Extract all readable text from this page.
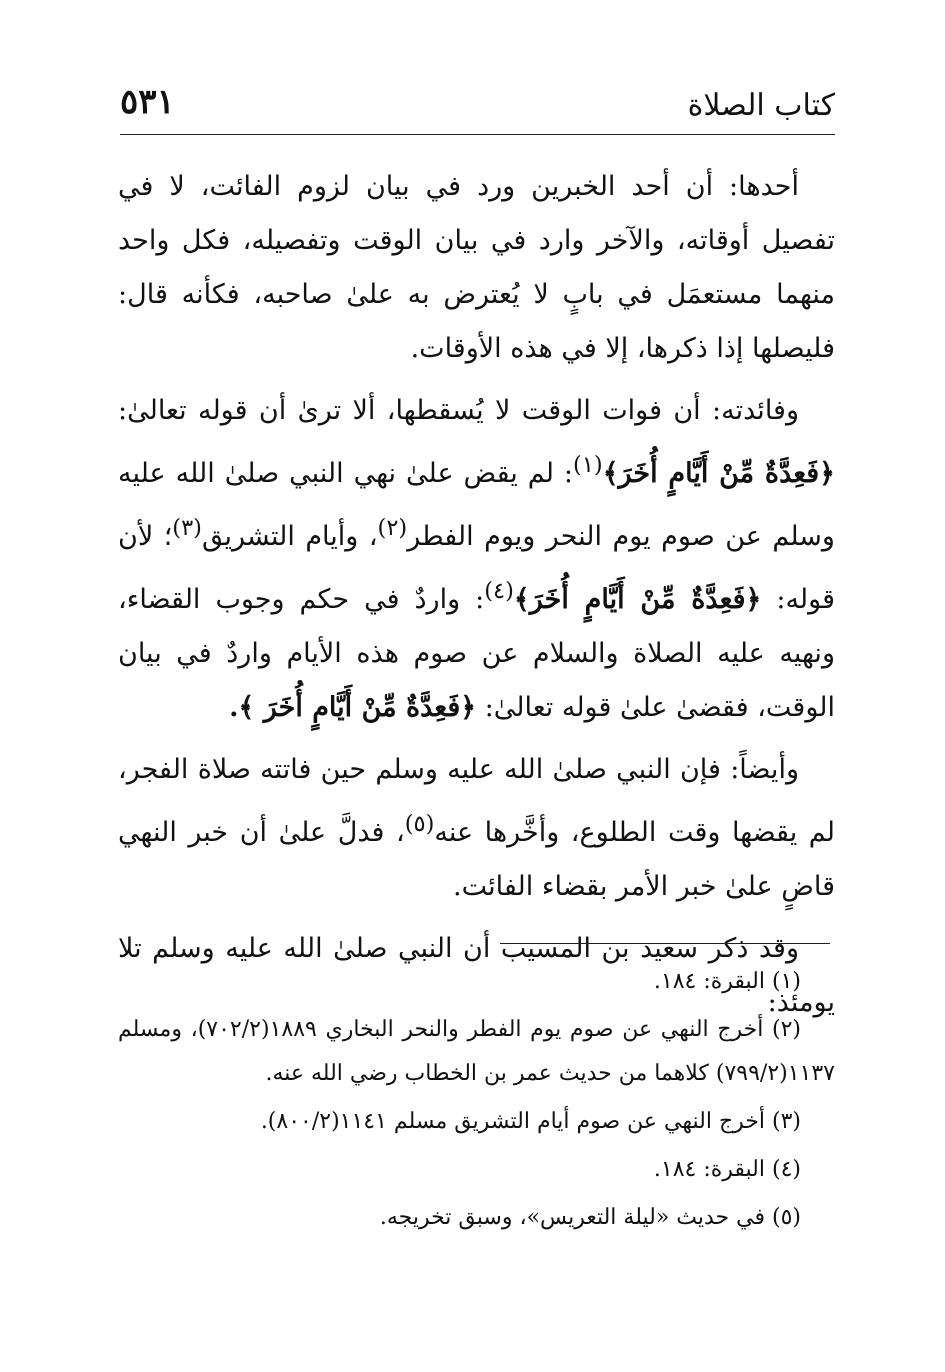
كتاب الصلاة
٥٣١

أحدها: أن أحد الخبرين ورد في بيان لزوم الفائت، لا في تفصيل أوقاته، والآخر وارد في بيان الوقت وتفصيله، فكل واحد منهما مستعمَل في بابٍ لا يُعترض به علىٰ صاحبه، فكأنه قال: فليصلها إذا ذكرها، إلا في هذه الأوقات.

وفائدته: أن فوات الوقت لا يُسقطها، ألا ترىٰ أن قوله تعالىٰ: ﴿فَعِدَّةٌ مِّنْ أَيَّامٍ أُخَرَ﴾$^{(١)}$: لم يقض علىٰ نهي النبي صلىٰ الله عليه وسلم عن صوم يوم النحر ويوم الفطر$^{(٢)}$، وأيام التشريق$^{(٣)}$؛ لأن قوله: ﴿فَعِدَّةٌ مِّنْ أَيَّامٍ أُخَرَ﴾$^{(٤)}$: واردٌ في حكم وجوب القضاء، ونهيه عليه الصلاة والسلام عن صوم هذه الأيام واردٌ في بيان الوقت، فقضىٰ علىٰ قوله تعالىٰ: ﴿فَعِدَّةٌ مِّنْ أَيَّامٍ أُخَرَ ﴾.

وأيضاً: فإن النبي صلىٰ الله عليه وسلم حين فاتته صلاة الفجر، لم يقضها وقت الطلوع، وأخَّرها عنه$^{(٥)}$، فدلَّ علىٰ أن خبر النهي قاضٍ علىٰ خبر الأمر بقضاء الفائت.

وقد ذكر سعيد بن المسيب أن النبي صلىٰ الله عليه وسلم تلا يومئذ:

(١) البقرة: ١٨٤.

(٢) أخرج النهي عن صوم يوم الفطر والنحر البخاري ١٨٨٩(٧٠٢/٢)، ومسلم ١١٣٧(٧٩٩/٢) كلاهما من حديث عمر بن الخطاب رضي الله عنه.

(٣) أخرج النهي عن صوم أيام التشريق مسلم ١١٤١(٨٠٠/٢).

(٤) البقرة: ١٨٤.

(٥) في حديث «ليلة التعريس»، وسبق تخريجه.
